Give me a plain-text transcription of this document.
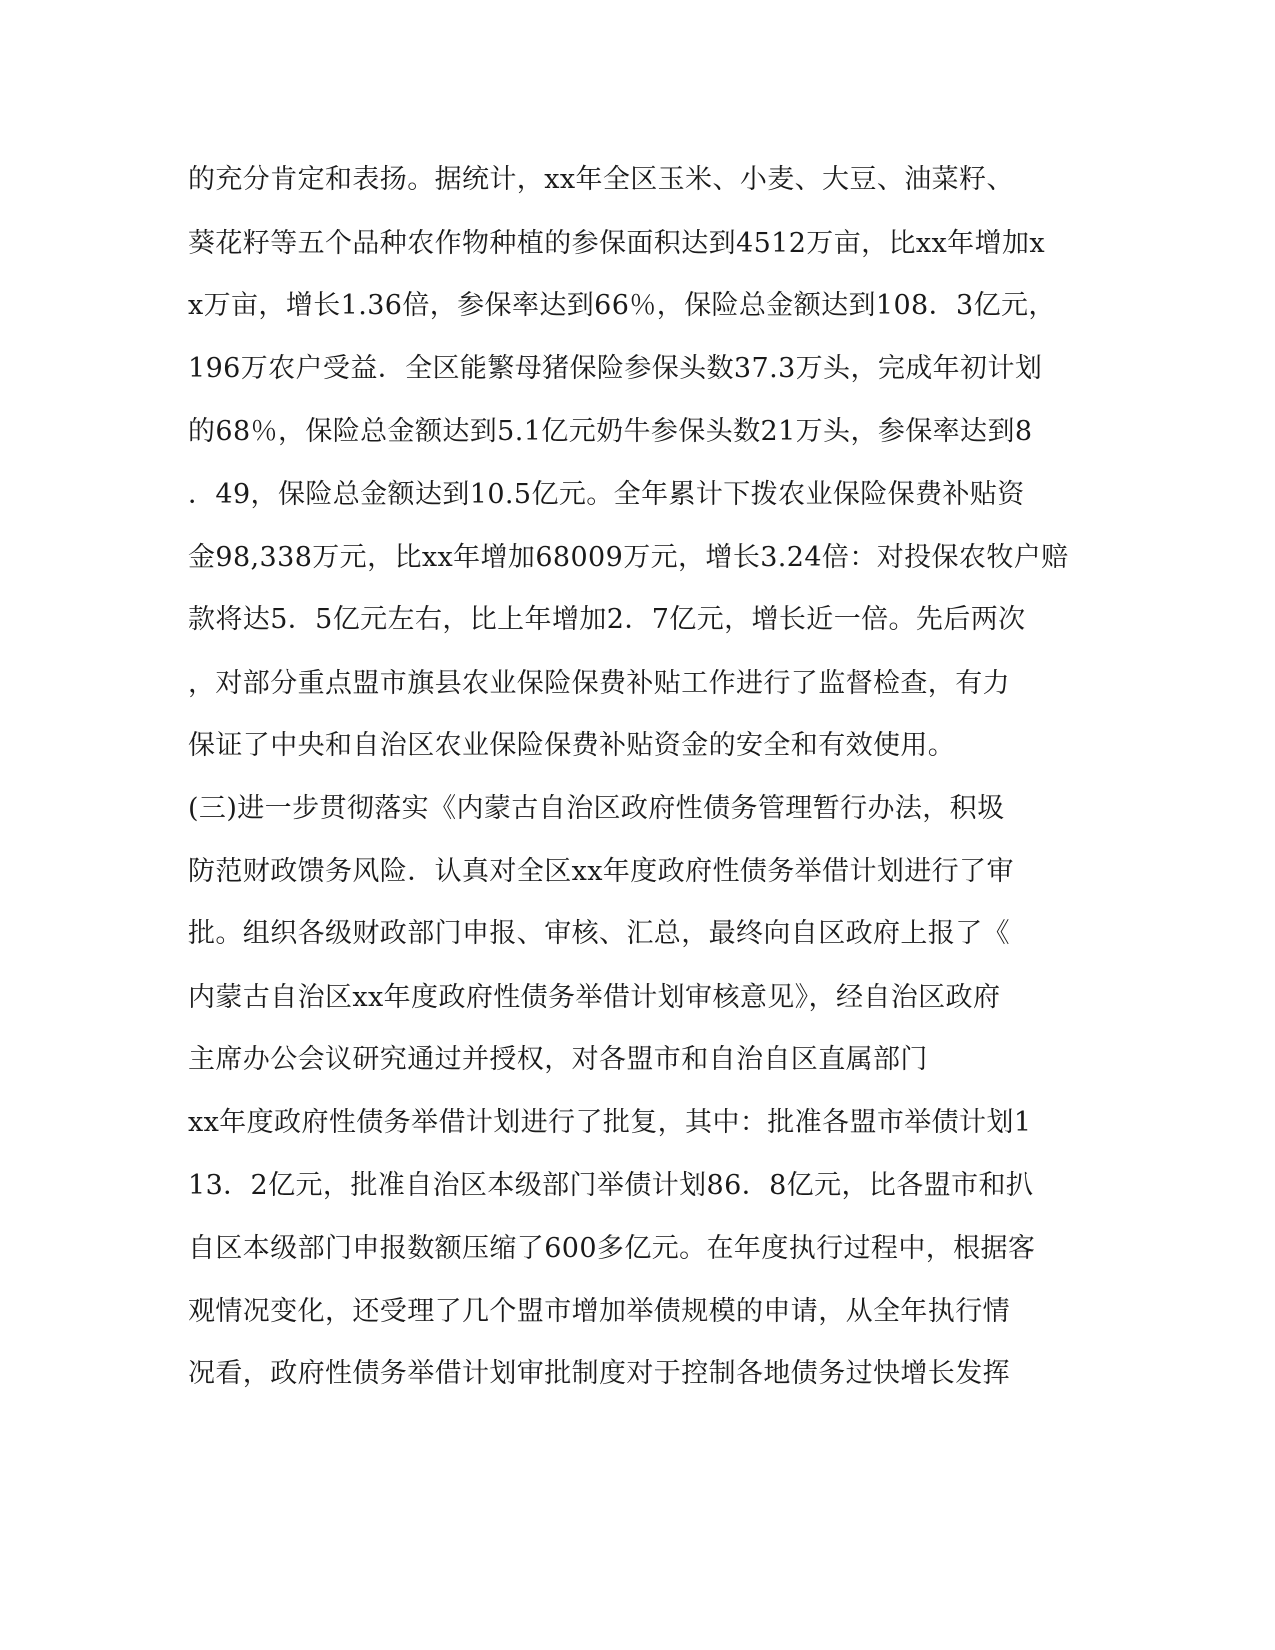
的充分肯定和表扬。据统计，xx年全区玉米、小麦、大豆、油菜籽、
葵花籽等五个品种农作物种植的参保面积达到4512万亩，比xx年增加x
x万亩，增长1.36倍，参保率达到66％，保险总金额达到108．3亿元，
196万农户受益．全区能繁母猪保险参保头数37.3万头，完成年初计划
的68％，保险总金额达到5.1亿元奶牛参保头数21万头，参保率达到8
．49，保险总金额达到10.5亿元。全年累计下拨农业保险保费补贴资
金98,338万元，比xx年增加68009万元，增长3.24倍：对投保农牧户赔
款将达5．5亿元左右，比上年增加2．7亿元，增长近一倍。先后两次
，对部分重点盟市旗县农业保险保费补贴工作进行了监督检查，有力
保证了中央和自治区农业保险保费补贴资金的安全和有效使用。
(三)进一步贯彻落实《内蒙古自治区政府性债务管理暂行办法，积圾
防范财政馈务风险．认真对全区xx年度政府性债务举借计划进行了审
批。组织各级财政部门申报、审核、汇总，最终向自区政府上报了《
内蒙古自治区xx年度政府性债务举借计划审核意见》，经自治区政府
主席办公会议研究通过并授权，对各盟市和自治自区直属部门
xx年度政府性债务举借计划进行了批复，其中：批准各盟市举债计划1
13．2亿元，批准自治区本级部门举债计划86．8亿元，比各盟市和扒
自区本级部门申报数额压缩了600多亿元。在年度执行过程中，根据客
观情况变化，还受理了几个盟市增加举债规模的申请，从全年执行情
况看，政府性债务举借计划审批制度对于控制各地债务过快增长发挥
